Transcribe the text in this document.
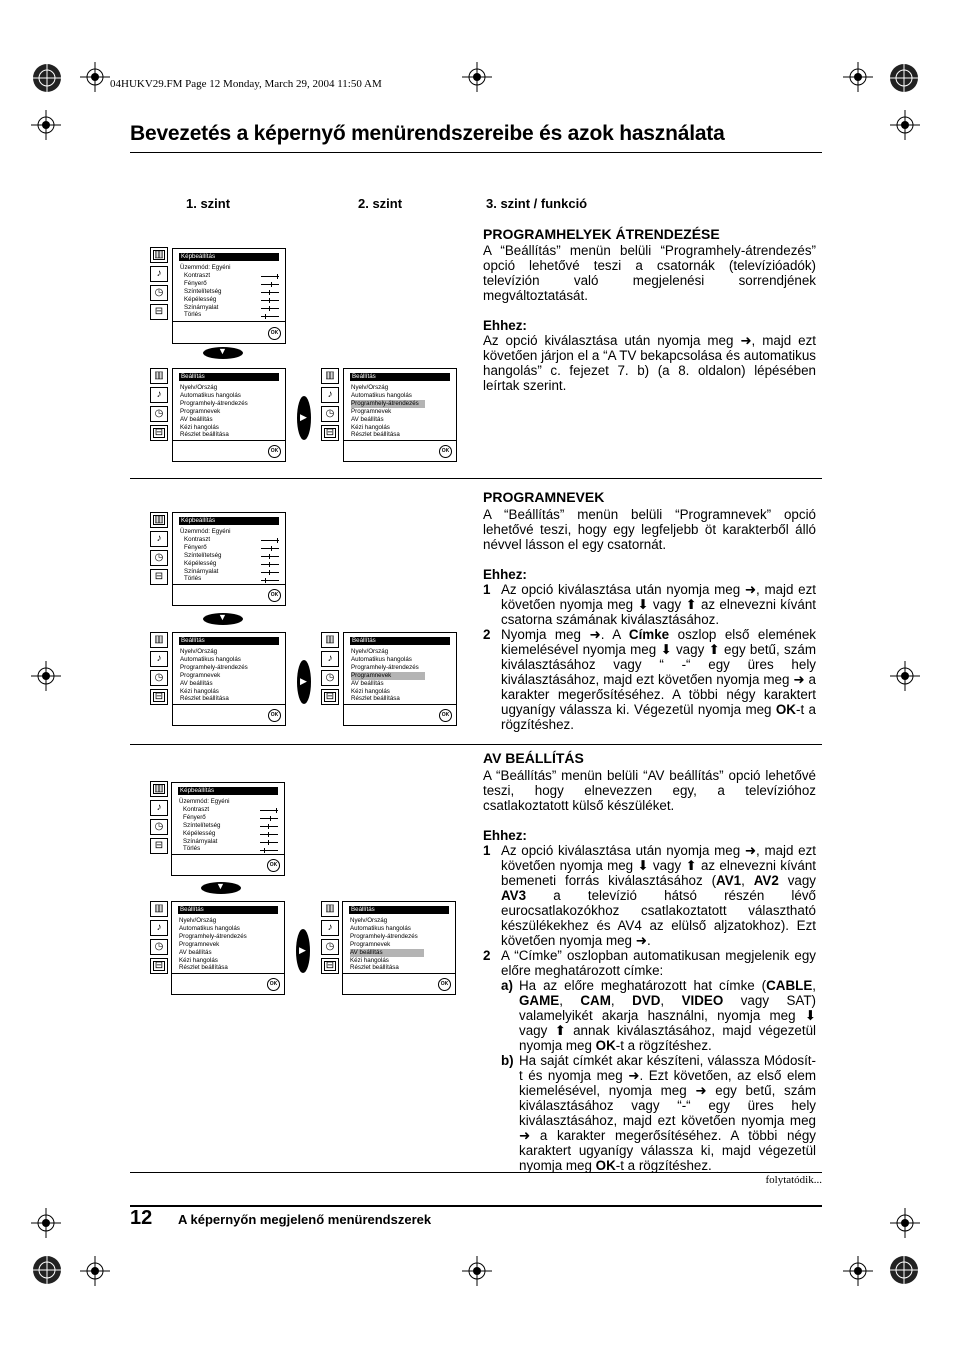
04HUKV29.FM Page 12 Monday, March 29, 2004 11:50 AM
Bevezetés a képernyő menürendszereibe és azok használata
1. szint	2. szint	3. szint / funkció
▥
♪
◷
⊟
Képbeállítás
Üzemmód: Egyéni
Kontraszt
Fényerő
Színtelítetség
Képélesség
Színárnyalat
Törlés
OK
▼
▥
♪
◷
⊟
Beállítás
Nyelv/Ország
Automatikus hangolás
Programhely-átrendezés
Programnevek
AV beállítás
Kézi hangolás
Részlet beállítása
OK
▶
▥
♪
◷
⊟
Beállítás
Nyelv/Ország
Automatikus hangolás
Programhely-átrendezés
Programnevek
AV beállítás
Kézi hangolás
Részlet beállítása
OK
PROGRAMHELYEK ÁTRENDEZÉSE

A “Beállítás” menün belüli “Programhely-átrendezés” opció lehetővé teszi a csatornák (televízióadók) televízión való megjelenési sorrendjének megváltoztatását.

Ehhez:

Az opció kiválasztása után nyomja meg ➜, majd ezt követően járjon el a “A TV bekapcsolása és automatikus hangolás” c. fejezet 7. b) (a 8. oldalon) lépésében leírtak szerint.

▥
♪
◷
⊟
Képbeállítás
Üzemmód: Egyéni
Kontraszt
Fényerő
Színtelítetség
Képélesség
Színárnyalat
Törlés
OK
▼
▥
♪
◷
⊟
Beállítás
Nyelv/Ország
Automatikus hangolás
Programhely-átrendezés
Programnevek
AV beállítás
Kézi hangolás
Részlet beállítása
OK
▶
▥
♪
◷
⊟
Beállítás
Nyelv/Ország
Automatikus hangolás
Programhely-átrendezés
Programnevek
AV beállítás
Kézi hangolás
Részlet beállítása
OK
PROGRAMNEVEK

A “Beállítás” menün belüli “Programnevek” opció lehetővé teszi, hogy egy legfeljebb öt karakterből álló névvel lásson el egy csatornát.

Ehhez:

1 Az opció kiválasztása után nyomja meg ➜, majd ezt követően nyomja meg ⬇ vagy ⬆ az elnevezni kívánt csatorna számának kiválasztásához.
2 Nyomja meg ➜. A Címke oszlop első elemének kiemelésével nyomja meg ⬇ vagy ⬆ egy betű, szám kiválasztásához vagy “ -“ egy üres hely kiválasztásához, majd ezt követően nyomja meg ➜ a karakter megerősítéséhez. A többi négy karaktert ugyanígy válassza ki. Végezetül nyomja meg OK-t a rögzítéshez.
▥
♪
◷
⊟
Képbeállítás
Üzemmód: Egyéni
Kontraszt
Fényerő
Színtelítetség
Képélesség
Színárnyalat
Törlés
OK
▼
▥
♪
◷
⊟
Beállítás
Nyelv/Ország
Automatikus hangolás
Programhely-átrendezés
Programnevek
AV beállítás
Kézi hangolás
Részlet beállítása
OK
▶
▥
♪
◷
⊟
Beállítás
Nyelv/Ország
Automatikus hangolás
Programhely-átrendezés
Programnevek
AV beállítás
Kézi hangolás
Részlet beállítása
OK
AV BEÁLLÍTÁS

A “Beállítás” menün belüli “AV beállítás” opció lehetővé teszi, hogy elnevezzen egy, a televízióhoz csatlakoztatott külső készüléket.

Ehhez:

1 Az opció kiválasztása után nyomja meg ➜, majd ezt követően nyomja meg ⬇ vagy ⬆ az elnevezni kívánt bemeneti forrás kiválasztásához (AV1, AV2 vagy AV3 a televízió hátsó részén lévő eurocsatlakozókhoz csatlakoztatott választható készülékekhez és AV4 az elülső aljzatokhoz). Ezt követően nyomja meg ➜.
2 A “Címke” oszlopban automatikusan megjelenik egy előre meghatározott címke:
a) Ha az előre meghatározott hat címke (CABLE, GAME, CAM, DVD, VIDEO vagy SAT) valamelyikét akarja használni, nyomja meg ⬇ vagy ⬆ annak kiválasztásához, majd végezetül nyomja meg OK-t a rögzítéshez.
b) Ha saját címkét akar készíteni, válassza Módosít-t és nyomja meg ➜. Ezt követően, az első elem kiemelésével, nyomja meg ➜ egy betű, szám kiválasztásához vagy “-“ egy üres hely kiválasztásához, majd ezt követően nyomja meg ➜ a karakter megerősítéséhez. A többi négy karaktert ugyanígy válassza ki, majd végezetül nyomja meg OK-t a rögzítéshez.
folytatódik...
12 A képernyőn megjelenő menürendszerek
